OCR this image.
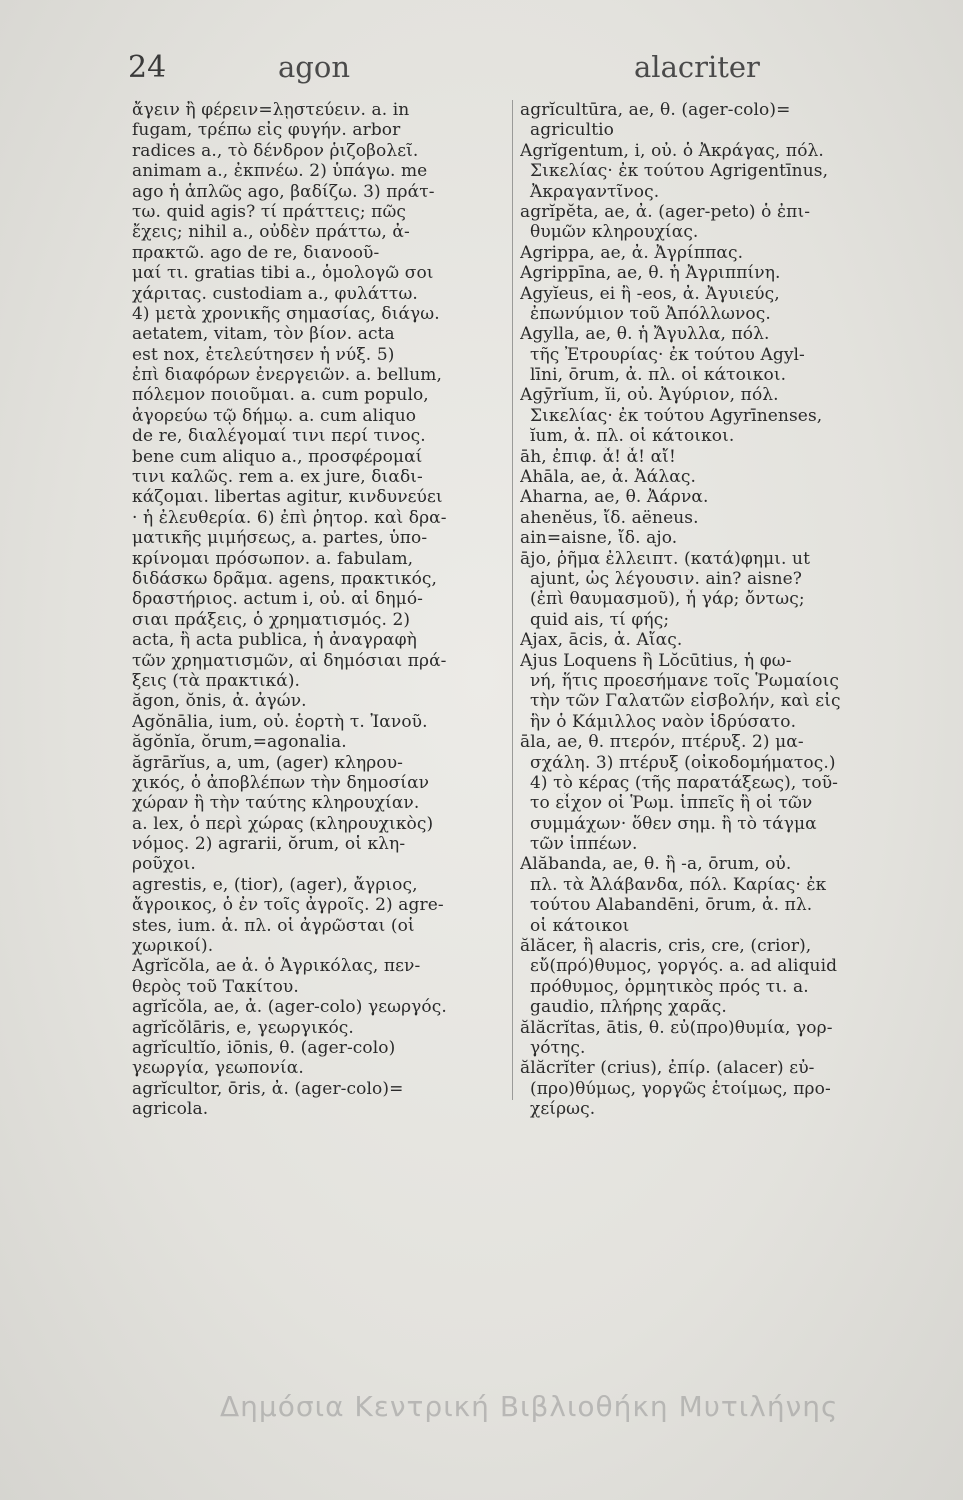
24	agon	alacriter
ἄγειν ἢ φέρειν=λῃστεύειν. a. in
fugam, τρέπω εἰς φυγήν. arbor
radices a., τὸ δένδρον ῥιζοβολεῖ.
animam a., ἐκπνέω. 2) ὑπάγω. me
ago ἡ ἁπλῶς ago, βαδίζω. 3) πράτ-
τω. quid agis? τί πράττεις; πῶς
ἔχεις; nihil a., οὐδὲν πράττω, ἀ-
πρακτῶ. ago de re, διανοοῦ-
μαί τι. gratias tibi a., ὁμολογῶ σοι
χάριτας. custodiam a., φυλάττω.
4) μετὰ χρονικῆς σημασίας, διάγω.
aetatem, vitam, τὸν βίον. acta
est nox, ἐτελεύτησεν ἡ νύξ. 5)
ἐπὶ διαφόρων ἐνεργειῶν. a. bellum,
πόλεμον ποιοῦμαι. a. cum populo,
ἀγορεύω τῷ δήμῳ. a. cum aliquo
de re, διαλέγομαί τινι περί τινος.
bene cum aliquo a., προσφέρομαί
τινι καλῶς. rem a. ex jure, διαδι-
κάζομαι. libertas agitur, κινδυνεύει
· ἡ ἐλευθερία. 6) ἐπὶ ῥητορ. καὶ δρα-
ματικῆς μιμήσεως, a. partes, ὑπο-
κρίνομαι πρόσωπον. a. fabulam,
διδάσκω δρᾶμα. agens, πρακτικός,
δραστήριος. actum i, οὐ. αἱ δημό-
σιαι πράξεις, ὁ χρηματισμός. 2)
acta, ἢ acta publica, ἡ ἀναγραφὴ
τῶν χρηματισμῶν, αἱ δημόσιαι πρά-
ξεις (τὰ πρακτικά).
ăgon, ŏnis, ἀ. ἀγών.
Agŏnālia, ium, οὐ. ἑορτὴ τ. Ἰανοῦ.
ăgŏnĭa, ŏrum,=agonalia.
ăgrārĭus, a, um, (ager) κληρου-
χικός, ὁ ἀποβλέπων τὴν δημοσίαν
χώραν ἢ τὴν ταύτης κληρουχίαν.
a. lex, ὁ περὶ χώρας (κληρουχικὸς)
νόμος. 2) agrarii, ŏrum, οἱ κλη-
ροῦχοι.
agrestis, e, (tior), (ager), ἄγριος,
ἄγροικος, ὁ ἐν τοῖς ἀγροῖς. 2) agre-
stes, ium. ἀ. πλ. οἱ ἀγρῶσται (οἱ
χωρικοί).
Agrĭcŏla, ae ἀ. ὁ Ἀγρικόλας, πεν-
θερὸς τοῦ Τακίτου.
agrĭcŏla, ae, ἀ. (ager-colo) γεωργός.
agrĭcŏlāris, e, γεωργικός.
agrĭcultĭo, iōnis, θ. (ager-colo)
γεωργία, γεωπονία.
agrĭcultor, ōris, ἀ. (ager-colo)=
agricola.
agrĭcultūra, ae, θ. (ager-colo)=
agricultio
Agrĭgentum, i, οὐ. ὁ Ἀκράγας, πόλ.
Σικελίας· ἐκ τούτου Agrigentīnus,
Ἀκραγαντῖνος.
agrĭpĕta, ae, ἀ. (ager-peto) ὁ ἐπι-
θυμῶν κληρουχίας.
Agrippa, ae, ἀ. Ἀγρίππας.
Agrippīna, ae, θ. ἡ Ἀγριππίνη.
Agyĭeus, ei ἢ -eos, ἀ. Ἀγυιεύς,
ἐπωνύμιον τοῦ Ἀπόλλωνος.
Agylla, ae, θ. ἡ Ἄγυλλα, πόλ.
τῆς Ἐτρουρίας· ἐκ τούτου Agyl-
līni, ōrum, ἀ. πλ. οἱ κάτοικοι.
Agȳrĭum, ĭi, οὐ. Ἀγύριον, πόλ.
Σικελίας· ἐκ τούτου Agyrīnenses,
ĭum, ἀ. πλ. οἱ κάτοικοι.
āh, ἐπιφ. ἆ! ἆ! αἴ!
Ahāla, ae, ἀ. Ἀάλας.
Aharna, ae, θ. Ἀάρνα.
ahenĕus, ἴδ. aëneus.
ain=aisne, ἴδ. ajo.
ājo, ῥῆμα ἐλλειπτ. (κατά)φημι. ut
ajunt, ὡς λέγουσιν. ain? aisne?
(ἐπὶ θαυμασμοῦ), ἦ γάρ; ὄντως;
quid ais, τί φής;
Ajax, ācis, ἀ. Αἴας.
Ajus Loquens ἢ Lŏcūtius, ἡ φω-
νή, ἥτις προεσήμανε τοῖς Ῥωμαίοις
τὴν τῶν Γαλατῶν εἰσβολήν, καὶ εἰς
ἣν ὁ Κάμιλλος ναὸν ἱδρύσατο.
āla, ae, θ. πτερόν, πτέρυξ. 2) μα-
σχάλη. 3) πτέρυξ (οἰκοδομήματος.)
4) τὸ κέρας (τῆς παρατάξεως), τοῦ-
το εἶχον οἱ Ῥωμ. ἱππεῖς ἢ οἱ τῶν
συμμάχων· ὅθεν σημ. ἢ τὸ τάγμα
τῶν ἱππέων.
Alăbanda, ae, θ. ἢ -a, ōrum, οὐ.
πλ. τὰ Ἀλάβανδα, πόλ. Καρίας· ἐκ
τούτου Alabandēni, ōrum, ἀ. πλ.
οἱ κάτοικοι
ălăcer, ἢ alacris, cris, cre, (crior),
εὔ(πρό)θυμος, γοργός. a. ad aliquid
πρόθυμος, ὁρμητικὸς πρός τι. a.
gaudio, πλήρης χαρᾶς.
ălăcrĭtas, ātis, θ. εὐ(προ)θυμία, γορ-
γότης.
ălăcrĭter (crius), ἐπίρ. (alacer) εὐ-
(προ)θύμως, γοργῶς ἑτοίμως, προ-
χείρως.
Δημόσια Κεντρική Βιβλιοθήκη Μυτιλήνης
